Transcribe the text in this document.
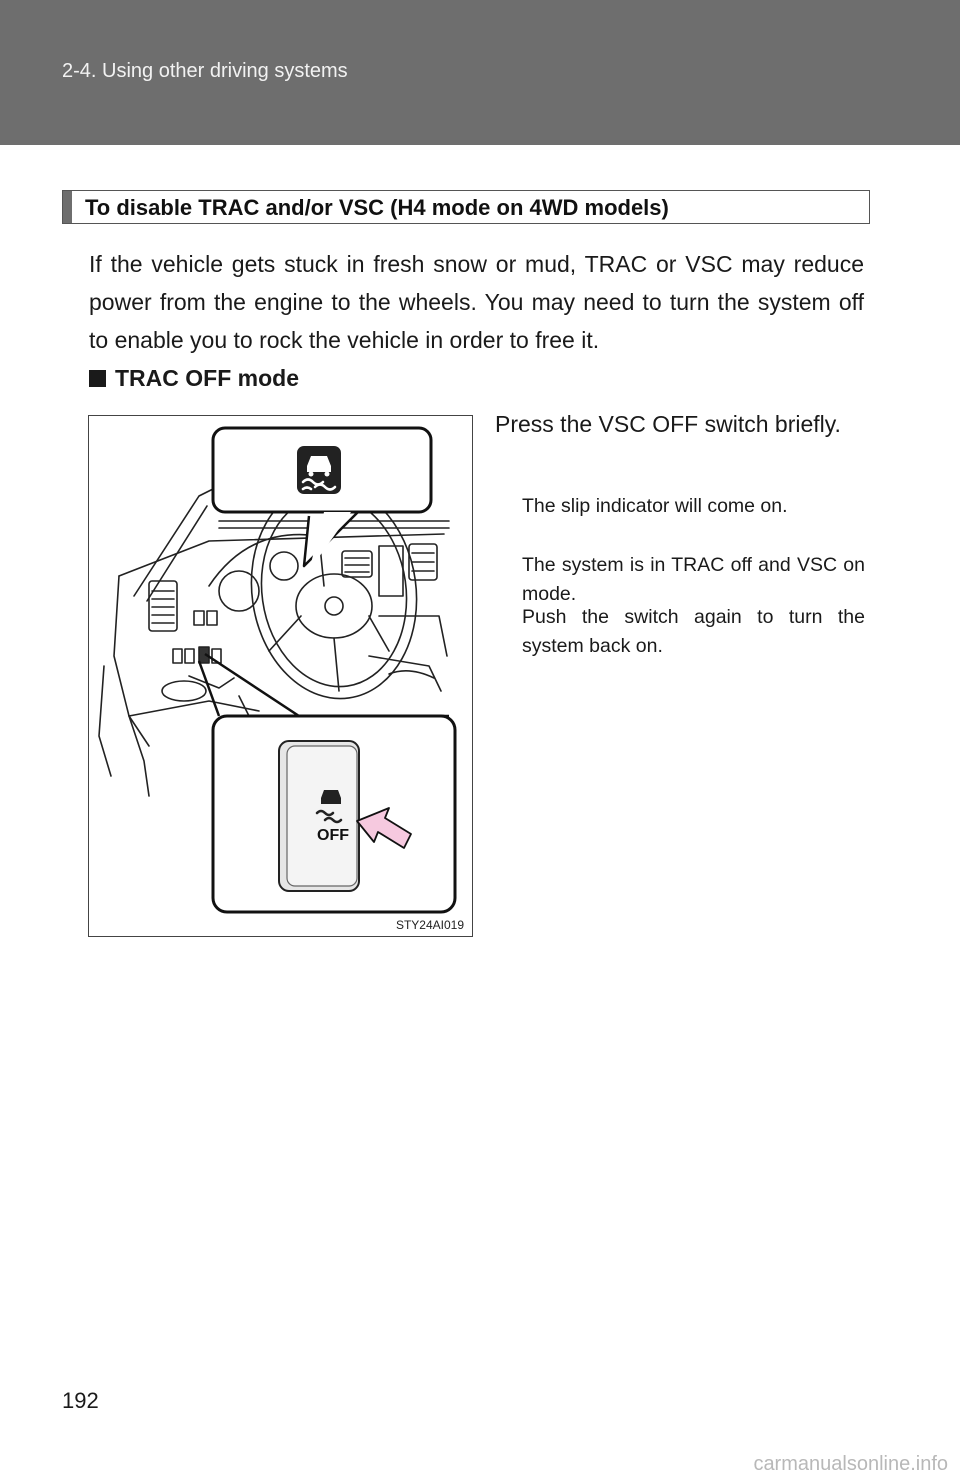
2-4. Using other driving systems
To disable TRAC and/or VSC (H4 mode on 4WD models)

If the vehicle gets stuck in fresh snow or mud, TRAC or VSC may reduce power from the engine to the wheels. You may need to turn the system off to enable you to rock the vehicle in order to free it.

TRAC OFF mode
Press the VSC OFF switch briefly.
The slip indicator will come on.
The system is in TRAC off and VSC on mode.
Push the switch again to turn the system back on.
OFF
STY24AI019
192
carmanualsonline.info
